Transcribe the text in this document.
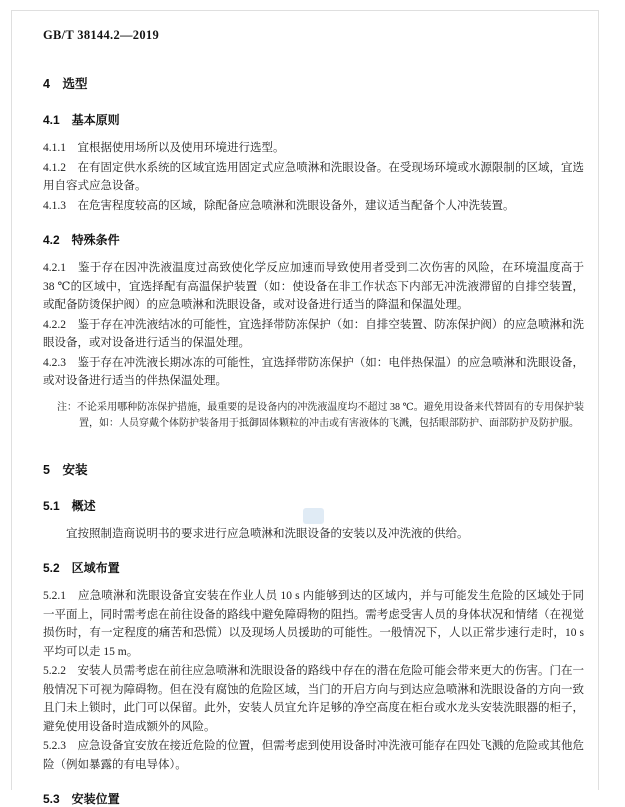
GB/T 38144.2—2019
4　选型
4.1　基本原则

4.1.1　宜根据使用场所以及使用环境进行选型。

4.1.2　在有固定供水系统的区域宜选用固定式应急喷淋和洗眼设备。在受现场环境或水源限制的区域，宜选用自容式应急设备。

4.1.3　在危害程度较高的区域，除配备应急喷淋和洗眼设备外，建议适当配备个人冲洗装置。

4.2　特殊条件

4.2.1　鉴于存在因冲洗液温度过高致使化学反应加速而导致使用者受到二次伤害的风险，在环境温度高于 38 ℃的区域中，宜选择配有高温保护装置（如：使设备在非工作状态下内部无冲洗液滞留的自排空装置，或配备防烫保护阀）的应急喷淋和洗眼设备，或对设备进行适当的降温和保温处理。

4.2.2　鉴于存在冲洗液结冰的可能性，宜选择带防冻保护（如：自排空装置、防冻保护阀）的应急喷淋和洗眼设备，或对设备进行适当的保温处理。

4.2.3　鉴于存在冲洗液长期冰冻的可能性，宜选择带防冻保护（如：电伴热保温）的应急喷淋和洗眼设备，或对设备进行适当的伴热保温处理。

注：不论采用哪种防冻保护措施，最重要的是设备内的冲洗液温度均不超过 38 ℃。避免用设备来代替固有的专用保护装置，如：人员穿戴个体防护装备用于抵御固体颗粒的冲击或有害液体的飞溅，包括眼部防护、面部防护及防护服。

5　安装
5.1　概述

宜按照制造商说明书的要求进行应急喷淋和洗眼设备的安装以及冲洗液的供给。

5.2　区域布置

5.2.1　应急喷淋和洗眼设备宜安装在作业人员 10 s 内能够到达的区域内，并与可能发生危险的区域处于同一平面上，同时需考虑在前往设备的路线中避免障碍物的阻挡。需考虑受害人员的身体状况和情绪（在视觉损伤时，有一定程度的痛苦和恐慌）以及现场人员援助的可能性。一般情况下，人以正常步速行走时，10 s 平均可以走 15 m。

5.2.2　安装人员需考虑在前往应急喷淋和洗眼设备的路线中存在的潜在危险可能会带来更大的伤害。门在一般情况下可视为障碍物。但在没有腐蚀的危险区域，当门的开启方向与到达应急喷淋和洗眼设备的方向一致且门未上锁时，此门可以保留。此外，安装人员宜允许足够的净空高度在柜台或水龙头安装洗眼器的柜子，避免使用设备时造成额外的风险。

5.2.3　应急设备宜安放在接近危险的位置，但需考虑到使用设备时冲洗液可能存在四处飞溅的危险或其他危险（例如暴露的有电导体）。

5.3　安装位置
